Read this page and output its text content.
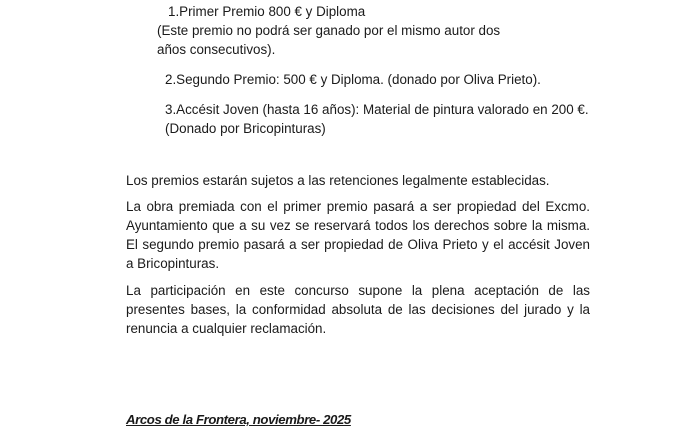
1.Primer Premio 800 € y Diploma
(Este premio no podrá ser ganado por el mismo autor dos
años consecutivos).
2.Segundo Premio: 500 € y Diploma. (donado por Oliva Prieto).
3.Accésit Joven (hasta 16 años): Material de pintura valorado en 200 €.
(Donado por Bricopinturas)
Los premios estarán sujetos a las retenciones legalmente establecidas.
La obra premiada con el primer premio pasará a ser propiedad del Excmo. Ayuntamiento que a su vez se reservará todos los derechos sobre la misma. El segundo premio pasará a ser propiedad de Oliva Prieto y el accésit Joven a Bricopinturas.
La participación en este concurso supone la plena aceptación de las presentes bases, la conformidad absoluta de las decisiones del jurado y la renuncia a cualquier reclamación.
Arcos de la Frontera, noviembre- 2025
